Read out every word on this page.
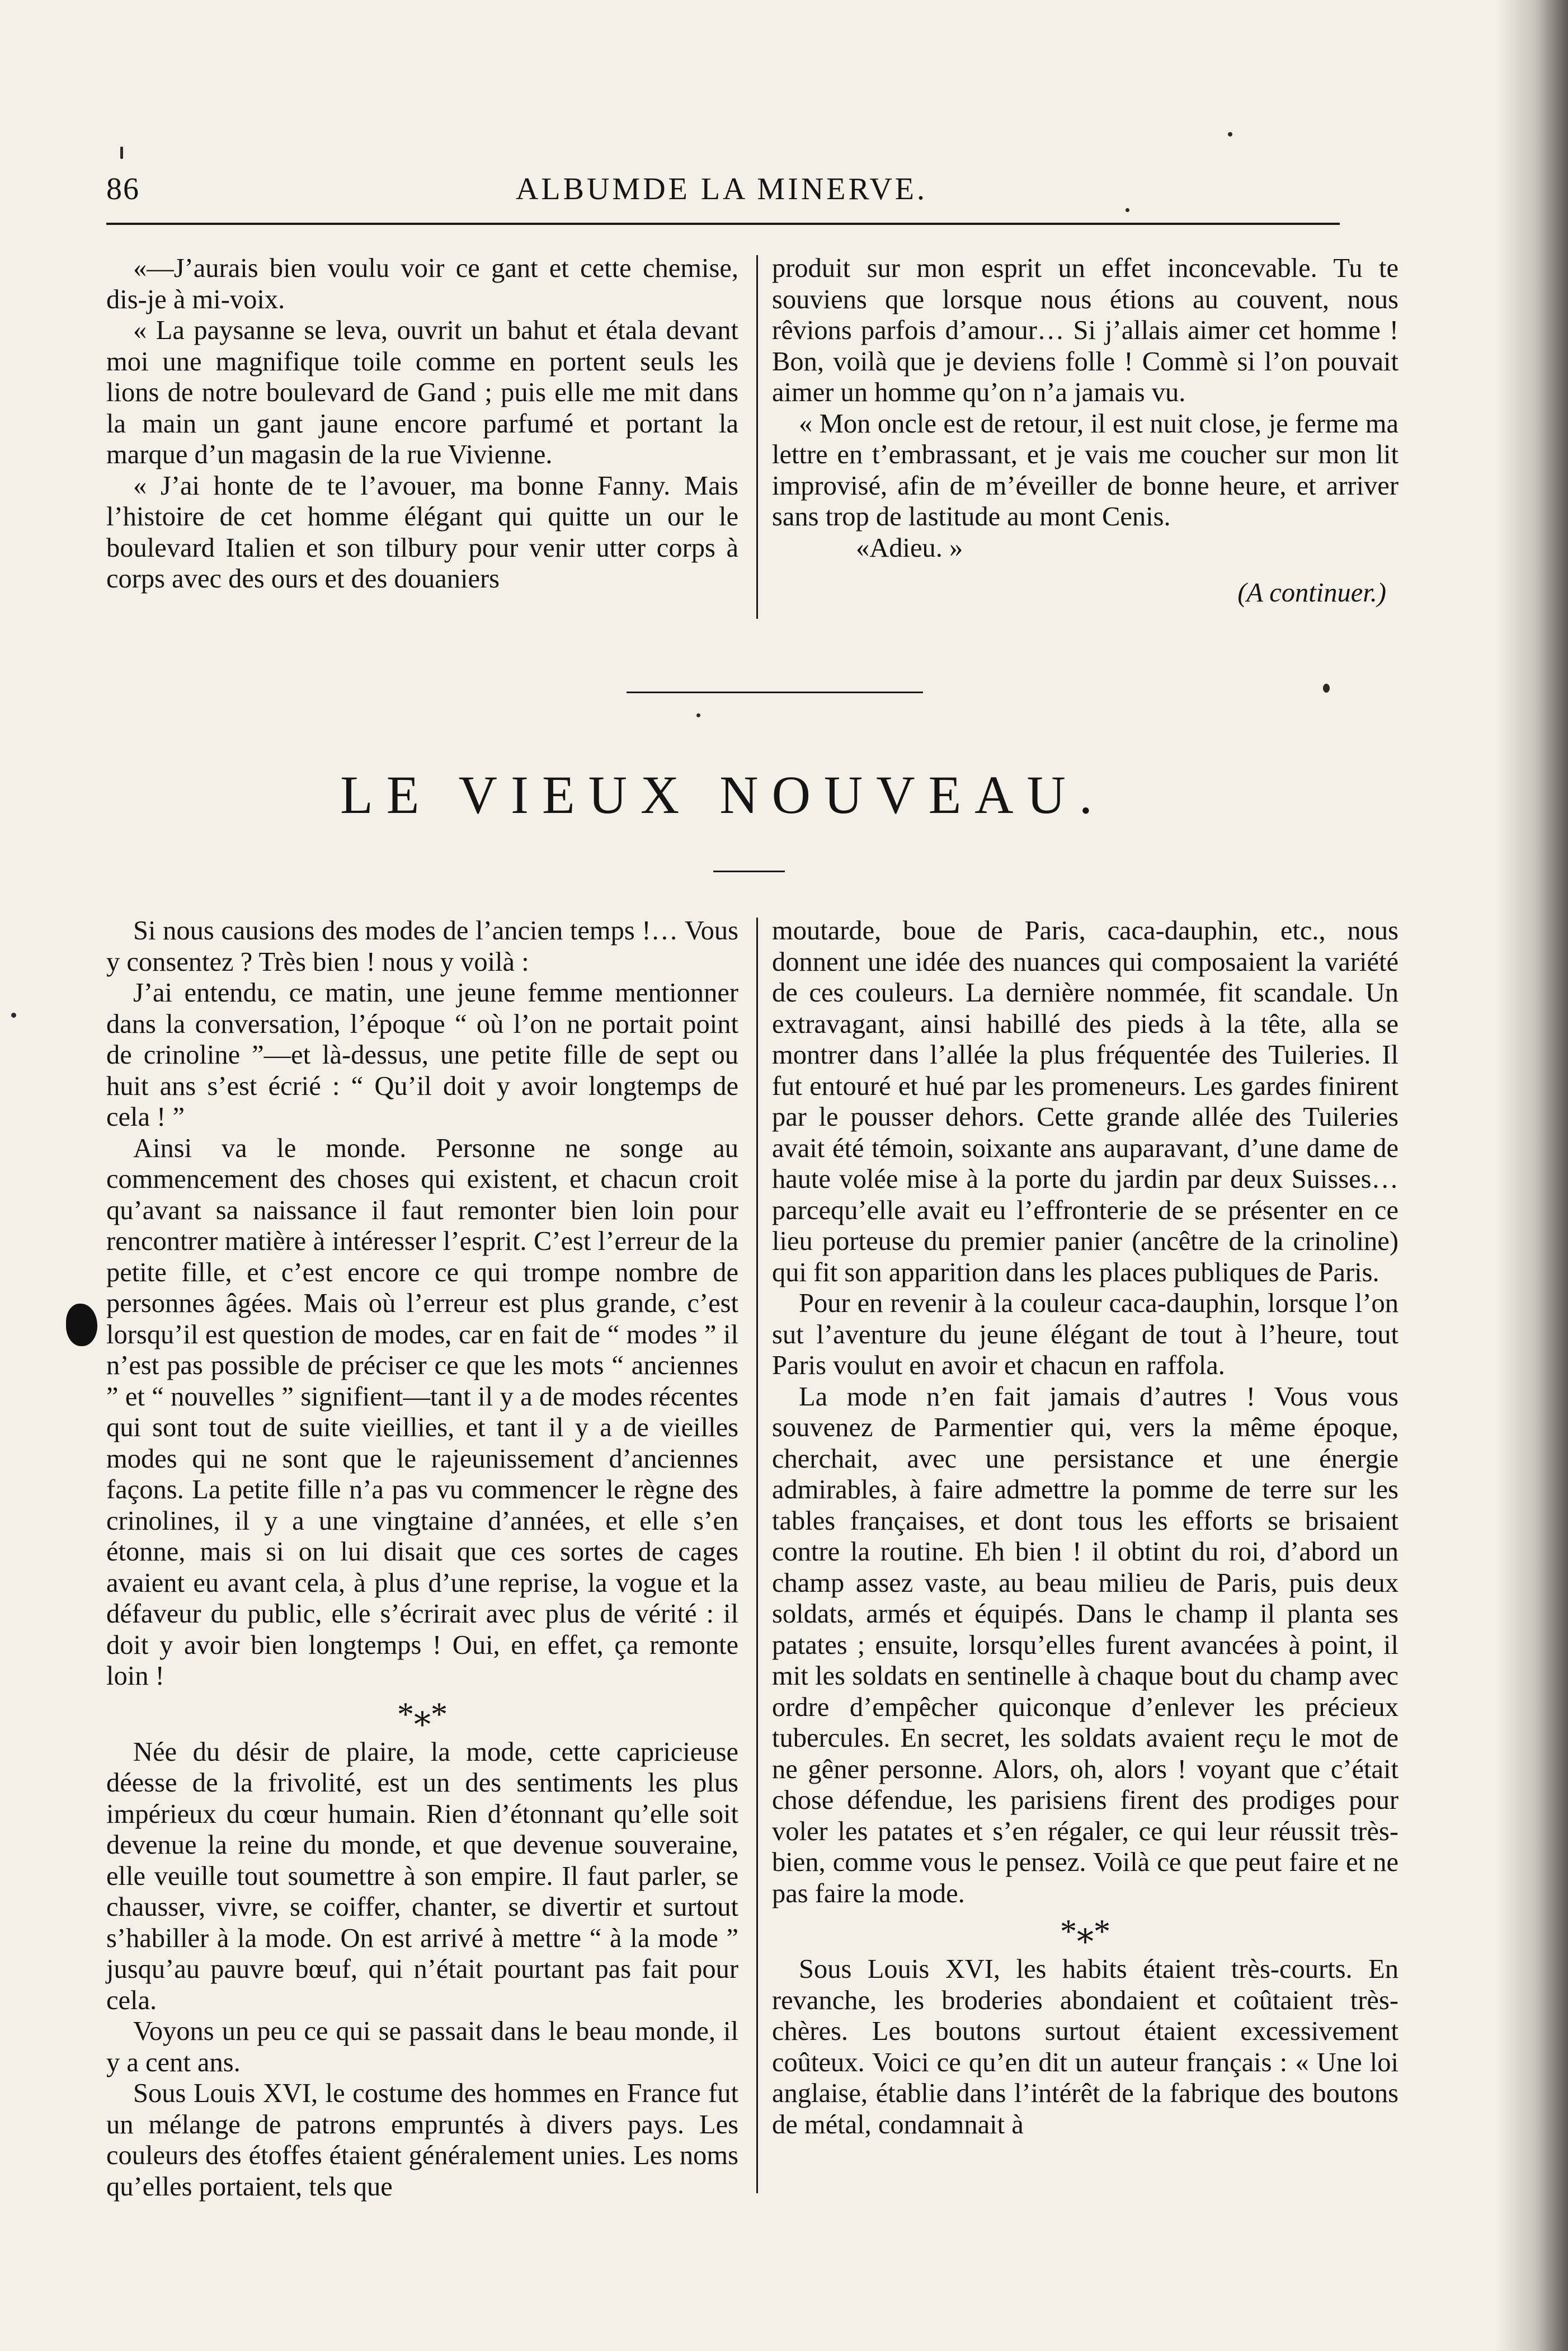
86	ALBUMDE LA MINERVE.

«—J’aurais bien voulu voir ce gant et cette chemise, dis-je à mi-voix.

« La paysanne se leva, ouvrit un bahut et étala devant moi une magnifique toile comme en portent seuls les lions de notre boulevard de Gand ; puis elle me mit dans la main un gant jaune encore parfumé et portant la marque d’un magasin de la rue Vivienne.

« J’ai honte de te l’avouer, ma bonne Fanny. Mais l’histoire de cet homme élégant qui quitte un our le boulevard Italien et son tilbury pour venir utter corps à corps avec des ours et des douaniers

produit sur mon esprit un effet inconcevable. Tu te souviens que lorsque nous étions au couvent, nous rêvions parfois d’amour… Si j’allais aimer cet homme ! Bon, voilà que je deviens folle ! Commè si l’on pouvait aimer un homme qu’on n’a jamais vu.

« Mon oncle est de retour, il est nuit close, je ferme ma lettre en t’embrassant, et je vais me coucher sur mon lit improvisé, afin de m’éveiller de bonne heure, et arriver sans trop de lastitude au mont Cenis.

«Adieu. »

(A continuer.)

LE VIEUX NOUVEAU.

Si nous causions des modes de l’ancien temps !… Vous y consentez ? Très bien ! nous y voilà :

J’ai entendu, ce matin, une jeune femme mentionner dans la conversation, l’époque “ où l’on ne portait point de crinoline ”—et là-dessus, une petite fille de sept ou huit ans s’est écrié : “ Qu’il doit y avoir longtemps de cela ! ”

Ainsi va le monde. Personne ne songe au commencement des choses qui existent, et chacun croit qu’avant sa naissance il faut remonter bien loin pour rencontrer matière à intéresser l’esprit. C’est l’erreur de la petite fille, et c’est encore ce qui trompe nombre de personnes âgées. Mais où l’erreur est plus grande, c’est lorsqu’il est question de modes, car en fait de “ modes ” il n’est pas possible de préciser ce que les mots “ anciennes ” et “ nouvelles ” signifient—tant il y a de modes récentes qui sont tout de suite vieillies, et tant il y a de vieilles modes qui ne sont que le rajeunissement d’anciennes façons. La petite fille n’a pas vu commencer le règne des crinolines, il y a une vingtaine d’années, et elle s’en étonne, mais si on lui disait que ces sortes de cages avaient eu avant cela, à plus d’une reprise, la vogue et la défaveur du public, elle s’écrirait avec plus de vérité : il doit y avoir bien longtemps ! Oui, en effet, ça remonte loin !

*⁎*

Née du désir de plaire, la mode, cette capricieuse déesse de la frivolité, est un des sentiments les plus impérieux du cœur humain. Rien d’étonnant qu’elle soit devenue la reine du monde, et que devenue souveraine, elle veuille tout soumettre à son empire. Il faut parler, se chausser, vivre, se coiffer, chanter, se divertir et surtout s’habiller à la mode. On est arrivé à mettre “ à la mode ” jusqu’au pauvre bœuf, qui n’était pourtant pas fait pour cela.

Voyons un peu ce qui se passait dans le beau monde, il y a cent ans.

Sous Louis XVI, le costume des hommes en France fut un mélange de patrons empruntés à divers pays. Les couleurs des étoffes étaient généralement unies. Les noms qu’elles portaient, tels que

moutarde, boue de Paris, caca-dauphin, etc., nous donnent une idée des nuances qui composaient la variété de ces couleurs. La dernière nommée, fit scandale. Un extravagant, ainsi habillé des pieds à la tête, alla se montrer dans l’allée la plus fréquentée des Tuileries. Il fut entouré et hué par les promeneurs. Les gardes finirent par le pousser dehors. Cette grande allée des Tuileries avait été témoin, soixante ans auparavant, d’une dame de haute volée mise à la porte du jardin par deux Suisses… parcequ’elle avait eu l’effronterie de se présenter en ce lieu porteuse du premier panier (ancêtre de la crinoline) qui fit son apparition dans les places publiques de Paris.

Pour en revenir à la couleur caca-dauphin, lorsque l’on sut l’aventure du jeune élégant de tout à l’heure, tout Paris voulut en avoir et chacun en raffola.

La mode n’en fait jamais d’autres ! Vous vous souvenez de Parmentier qui, vers la même époque, cherchait, avec une persistance et une énergie admirables, à faire admettre la pomme de terre sur les tables françaises, et dont tous les efforts se brisaient contre la routine. Eh bien ! il obtint du roi, d’abord un champ assez vaste, au beau milieu de Paris, puis deux soldats, armés et équipés. Dans le champ il planta ses patates ; ensuite, lorsqu’elles furent avancées à point, il mit les soldats en sentinelle à chaque bout du champ avec ordre d’empêcher quiconque d’enlever les précieux tubercules. En secret, les soldats avaient reçu le mot de ne gêner personne. Alors, oh, alors ! voyant que c’était chose défendue, les parisiens firent des prodiges pour voler les patates et s’en régaler, ce qui leur réussit très-bien, comme vous le pensez. Voilà ce que peut faire et ne pas faire la mode.

*⁎*

Sous Louis XVI, les habits étaient très-courts. En revanche, les broderies abondaient et coûtaient très-chères. Les boutons surtout étaient excessivement coûteux. Voici ce qu’en dit un auteur français : « Une loi anglaise, établie dans l’intérêt de la fabrique des boutons de métal, condamnait à
